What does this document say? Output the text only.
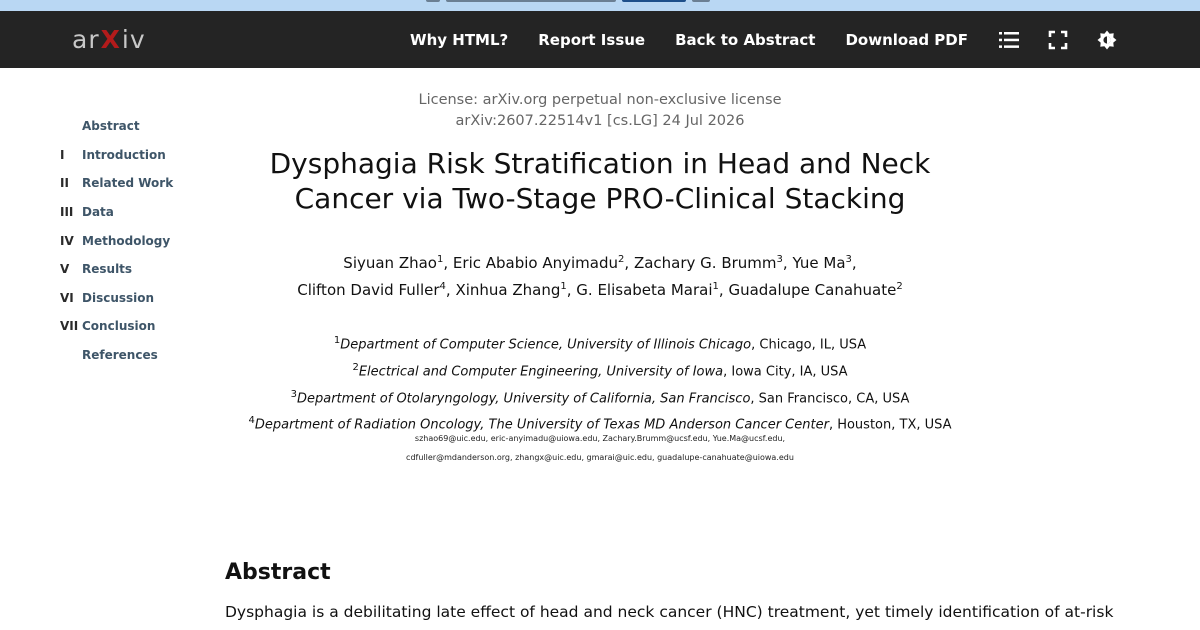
ar X iv	Why HTML? Report Issue Back to Abstract Download PDF
Abstract
I	Introduction
II	Related Work
III Data
IV Methodology
V	Results
VI Discussion
VII Conclusion
References
License: arXiv.org perpetual non-exclusive license
arXiv:2607.22514v1 [cs.LG] 24 Jul 2026
Dysphagia Risk Stratification in Head and Neck
Cancer via Two-Stage PRO-Clinical Stacking
Siyuan Zhao$^1$, Eric Ababio Anyimadu$^2$, Zachary G. Brumm$^3$, Yue Ma$^3$,
Clifton David Fuller$^4$, Xinhua Zhang$^1$, G. Elisabeta Marai$^1$, Guadalupe Canahuate$^2$
$^1$Department of Computer Science, University of Illinois Chicago, Chicago, IL, USA
$^2$Electrical and Computer Engineering, University of Iowa, Iowa City, IA, USA
$^3$Department of Otolaryngology, University of California, San Francisco, San Francisco, CA, USA
$^4$Department of Radiation Oncology, The University of Texas MD Anderson Cancer Center, Houston, TX, USA
szhao69@uic.edu, eric-anyimadu@uiowa.edu, Zachary.Brumm@ucsf.edu, Yue.Ma@ucsf.edu,
cdfuller@mdanderson.org, zhangx@uic.edu, gmarai@uic.edu, guadalupe-canahuate@uiowa.edu
Abstract

Dysphagia is a debilitating late effect of head and neck cancer (HNC) treatment, yet timely identification of at-risk
